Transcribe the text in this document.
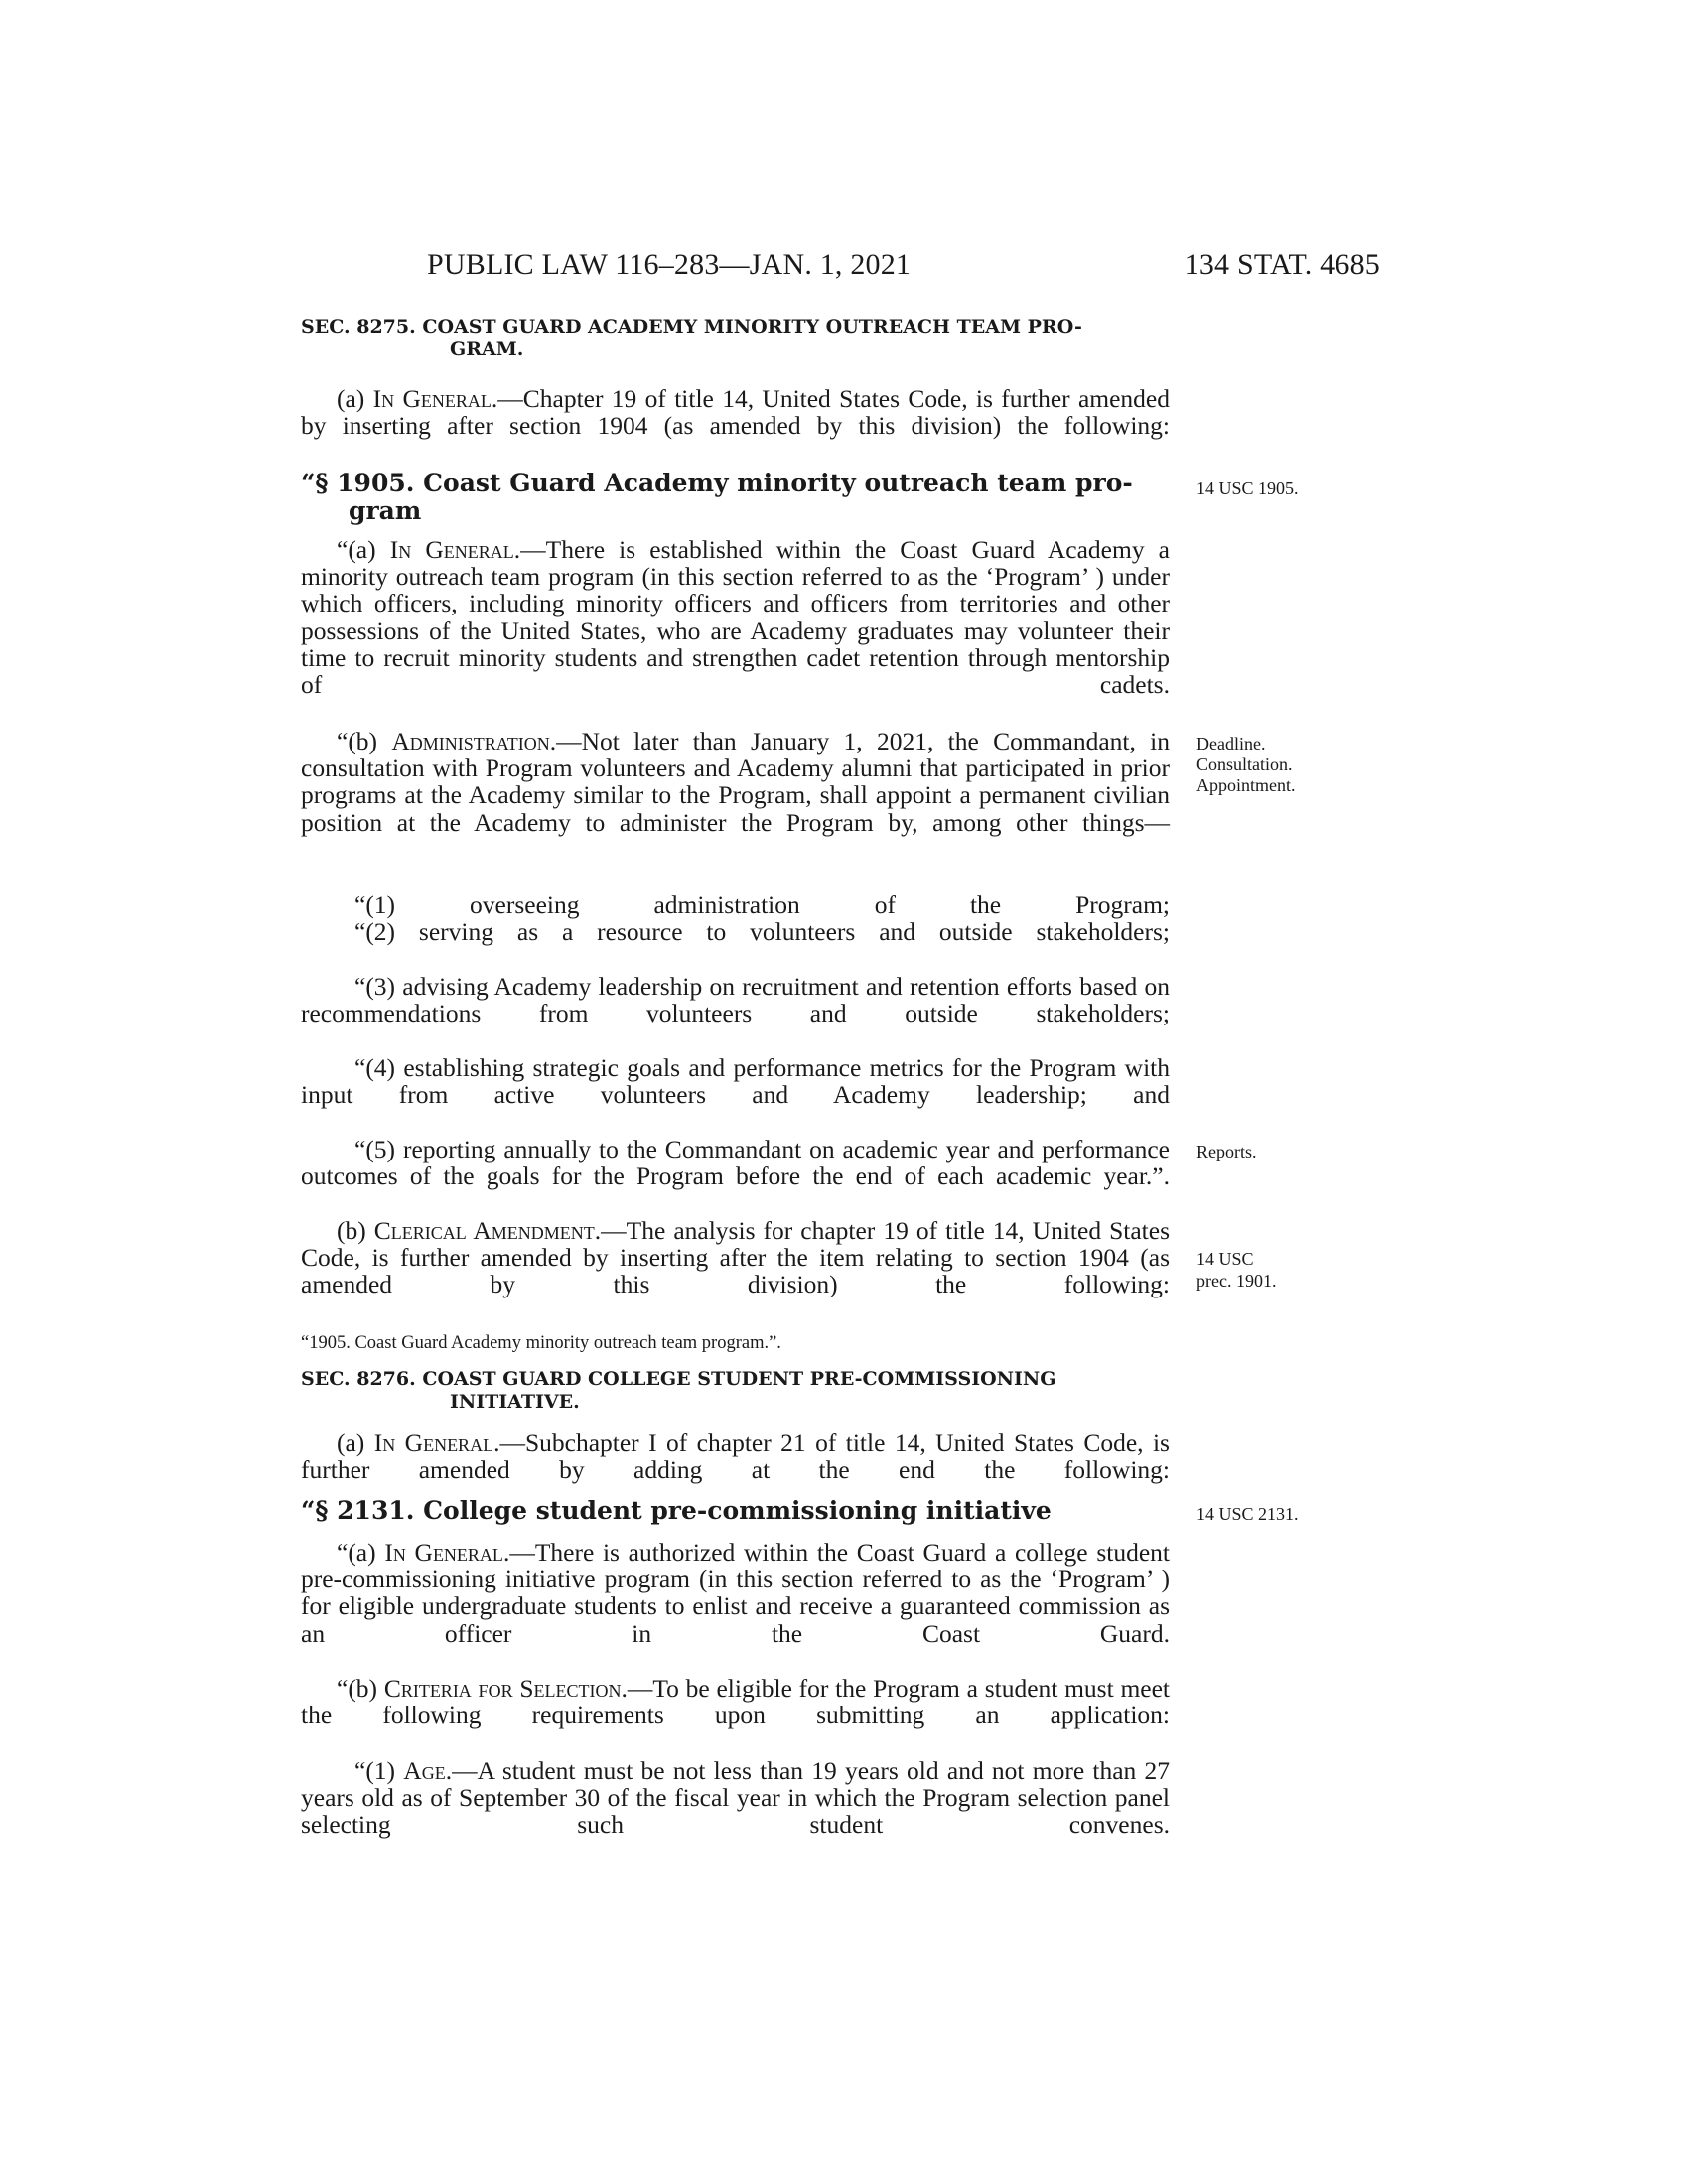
PUBLIC LAW 116–283—JAN. 1, 2021	134 STAT. 4685
SEC. 8275. COAST GUARD ACADEMY MINORITY OUTREACH TEAM PRO-
GRAM.
(a) In General.—Chapter 19 of title 14, United States Code, is further amended by inserting after section 1904 (as amended by this division) the following:
“§ 1905. Coast Guard Academy minority outreach team pro-
gram
“(a) In General.—There is established within the Coast Guard Academy a minority outreach team program (in this section referred to as the ‘Program’ ) under which officers, including minority officers and officers from territories and other possessions of the United States, who are Academy graduates may volunteer their time to recruit minority students and strengthen cadet retention through mentorship of cadets.
“(b) Administration.—Not later than January 1, 2021, the Commandant, in consultation with Program volunteers and Academy alumni that participated in prior programs at the Academy similar to the Program, shall appoint a permanent civilian position at the Academy to administer the Program by, among other things—
“(1) overseeing administration of the Program;
“(2) serving as a resource to volunteers and outside stakeholders;
“(3) advising Academy leadership on recruitment and retention efforts based on recommendations from volunteers and outside stakeholders;
“(4) establishing strategic goals and performance metrics for the Program with input from active volunteers and Academy leadership; and
“(5) reporting annually to the Commandant on academic year and performance outcomes of the goals for the Program before the end of each academic year.”.
(b) Clerical Amendment.—The analysis for chapter 19 of title 14, United States Code, is further amended by inserting after the item relating to section 1904 (as amended by this division) the following:
“1905. Coast Guard Academy minority outreach team program.”.
SEC. 8276. COAST GUARD COLLEGE STUDENT PRE-COMMISSIONING
INITIATIVE.
(a) In General.—Subchapter I of chapter 21 of title 14, United States Code, is further amended by adding at the end the following:
“§ 2131. College student pre-commissioning initiative
“(a) In General.—There is authorized within the Coast Guard a college student pre-commissioning initiative program (in this section referred to as the ‘Program’ ) for eligible undergraduate students to enlist and receive a guaranteed commission as an officer in the Coast Guard.
“(b) Criteria for Selection.—To be eligible for the Program a student must meet the following requirements upon submitting an application:
“(1) Age.—A student must be not less than 19 years old and not more than 27 years old as of September 30 of the fiscal year in which the Program selection panel selecting such student convenes.
14 USC 1905.
Deadline.
Consultation.
Appointment.
Reports.
14 USC
prec. 1901.
14 USC 2131.
